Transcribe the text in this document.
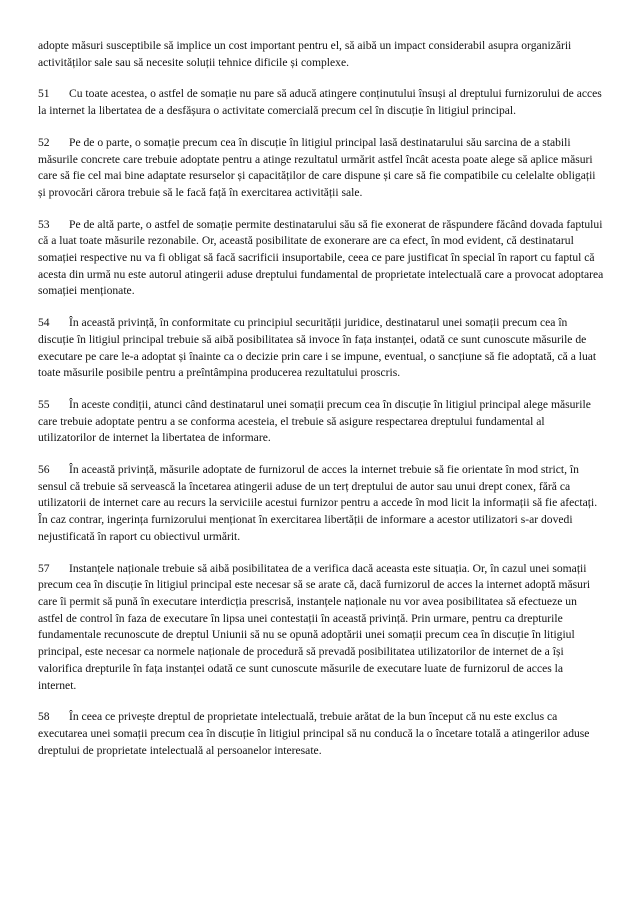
adopte măsuri susceptibile să implice un cost important pentru el, să aibă un impact considerabil asupra organizării activităților sale sau să necesite soluții tehnice dificile și complexe.

51 Cu toate acestea, o astfel de somație nu pare să aducă atingere conținutului însuși al dreptului furnizorului de acces la internet la libertatea de a desfășura o activitate comercială precum cel în discuție în litigiul principal.

52 Pe de o parte, o somație precum cea în discuție în litigiul principal lasă destinatarului său sarcina de a stabili măsurile concrete care trebuie adoptate pentru a atinge rezultatul urmărit astfel încât acesta poate alege să aplice măsuri care să fie cel mai bine adaptate resurselor și capacităților de care dispune și care să fie compatibile cu celelalte obligații și provocări cărora trebuie să le facă față în exercitarea activității sale.

53 Pe de altă parte, o astfel de somație permite destinatarului său să fie exonerat de răspundere făcând dovada faptului că a luat toate măsurile rezonabile. Or, această posibilitate de exonerare are ca efect, în mod evident, că destinatarul somației respective nu va fi obligat să facă sacrificii insuportabile, ceea ce pare justificat în special în raport cu faptul că acesta din urmă nu este autorul atingerii aduse dreptului fundamental de proprietate intelectuală care a provocat adoptarea somației menționate.

54 În această privință, în conformitate cu principiul securității juridice, destinatarul unei somații precum cea în discuție în litigiul principal trebuie să aibă posibilitatea să invoce în fața instanței, odată ce sunt cunoscute măsurile de executare pe care le-a adoptat și înainte ca o decizie prin care i se impune, eventual, o sancțiune să fie adoptată, că a luat toate măsurile posibile pentru a preîntâmpina producerea rezultatului proscris.

55 În aceste condiții, atunci când destinatarul unei somații precum cea în discuție în litigiul principal alege măsurile care trebuie adoptate pentru a se conforma acesteia, el trebuie să asigure respectarea dreptului fundamental al utilizatorilor de internet la libertatea de informare.

56 În această privință, măsurile adoptate de furnizorul de acces la internet trebuie să fie orientate în mod strict, în sensul că trebuie să servească la încetarea atingerii aduse de un terț dreptului de autor sau unui drept conex, fără ca utilizatorii de internet care au recurs la serviciile acestui furnizor pentru a accede în mod licit la informații să fie afectați. În caz contrar, ingerința furnizorului menționat în exercitarea libertății de informare a acestor utilizatori s-ar dovedi nejustificată în raport cu obiectivul urmărit.

57 Instanțele naționale trebuie să aibă posibilitatea de a verifica dacă aceasta este situația. Or, în cazul unei somații precum cea în discuție în litigiul principal este necesar să se arate că, dacă furnizorul de acces la internet adoptă măsuri care îi permit să pună în executare interdicția prescrisă, instanțele naționale nu vor avea posibilitatea să efectueze un astfel de control în faza de executare în lipsa unei contestații în această privință. Prin urmare, pentru ca drepturile fundamentale recunoscute de dreptul Uniunii să nu se opună adoptării unei somații precum cea în discuție în litigiul principal, este necesar ca normele naționale de procedură să prevadă posibilitatea utilizatorilor de internet de a își valorifica drepturile în fața instanței odată ce sunt cunoscute măsurile de executare luate de furnizorul de acces la internet.

58 În ceea ce privește dreptul de proprietate intelectuală, trebuie arătat de la bun început că nu este exclus ca executarea unei somații precum cea în discuție în litigiul principal să nu conducă la o încetare totală a atingerilor aduse dreptului de proprietate intelectuală al persoanelor interesate.
